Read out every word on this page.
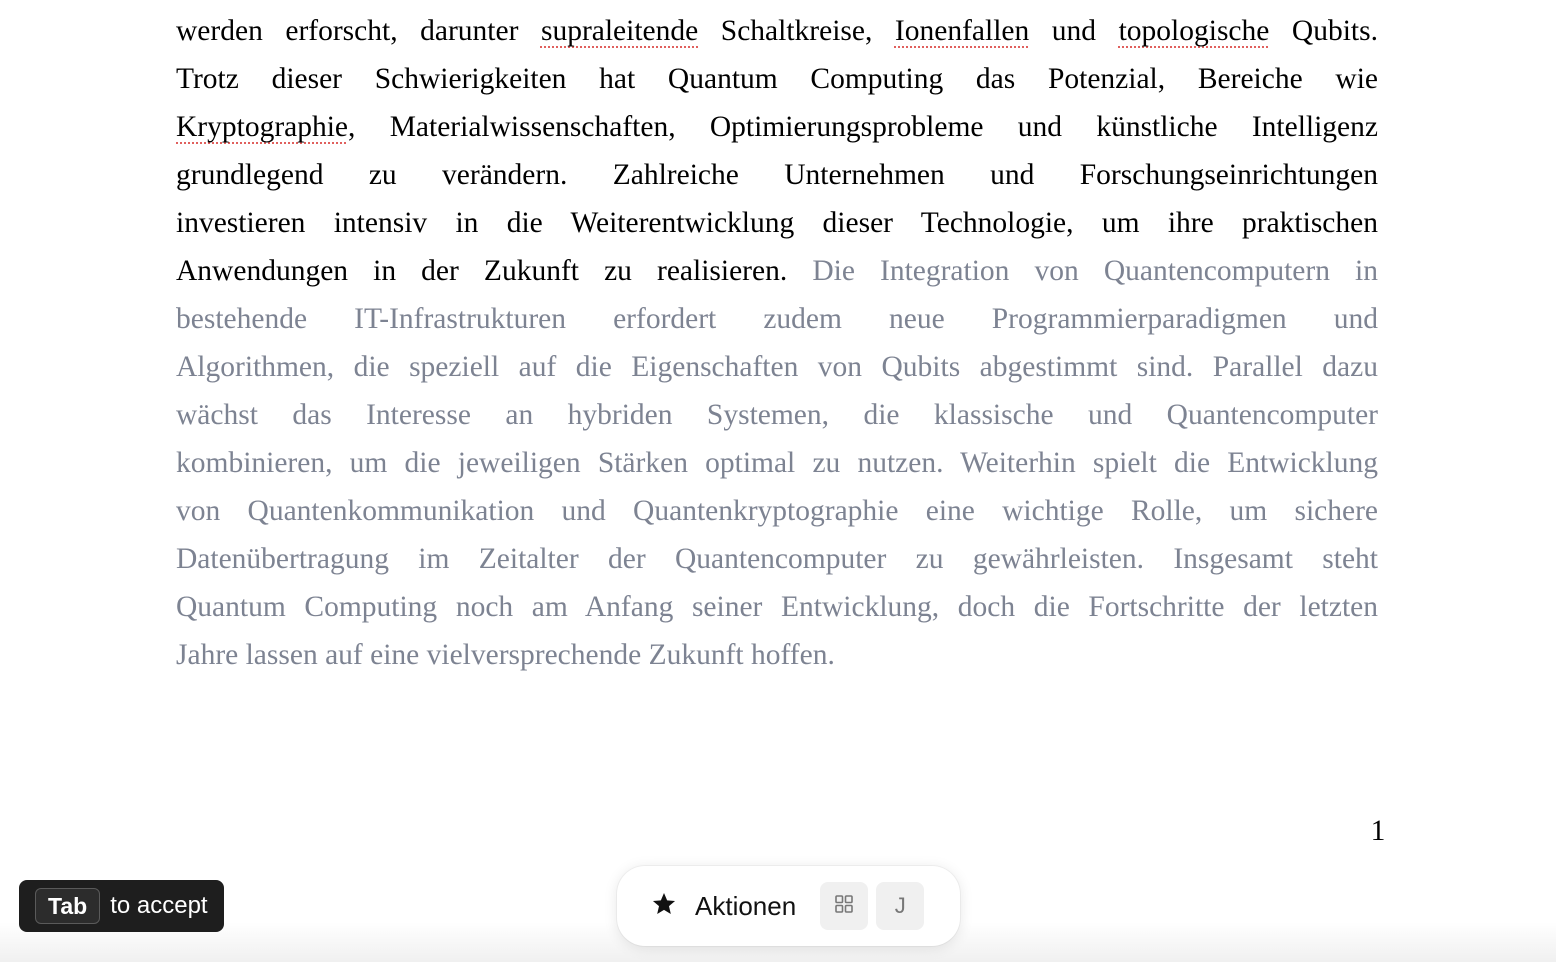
werden erforscht, darunter supraleitende Schaltkreise, Ionenfallen und topologische Qubits.
Trotz dieser Schwierigkeiten hat Quantum Computing das Potenzial, Bereiche wie
Kryptographie, Materialwissenschaften, Optimierungsprobleme und künstliche Intelligenz
grundlegend zu verändern. Zahlreiche Unternehmen und Forschungseinrichtungen
investieren intensiv in die Weiterentwicklung dieser Technologie, um ihre praktischen
Anwendungen in der Zukunft zu realisieren. Die Integration von Quantencomputern in
bestehende IT-Infrastrukturen erfordert zudem neue Programmierparadigmen und
Algorithmen, die speziell auf die Eigenschaften von Qubits abgestimmt sind. Parallel dazu
wächst das Interesse an hybriden Systemen, die klassische und Quantencomputer
kombinieren, um die jeweiligen Stärken optimal zu nutzen. Weiterhin spielt die Entwicklung
von Quantenkommunikation und Quantenkryptographie eine wichtige Rolle, um sichere
Datenübertragung im Zeitalter der Quantencomputer zu gewährleisten. Insgesamt steht
Quantum Computing noch am Anfang seiner Entwicklung, doch die Fortschritte der letzten
Jahre lassen auf eine vielversprechende Zukunft hoffen.
1
Tab to accept	Aktionen	J
